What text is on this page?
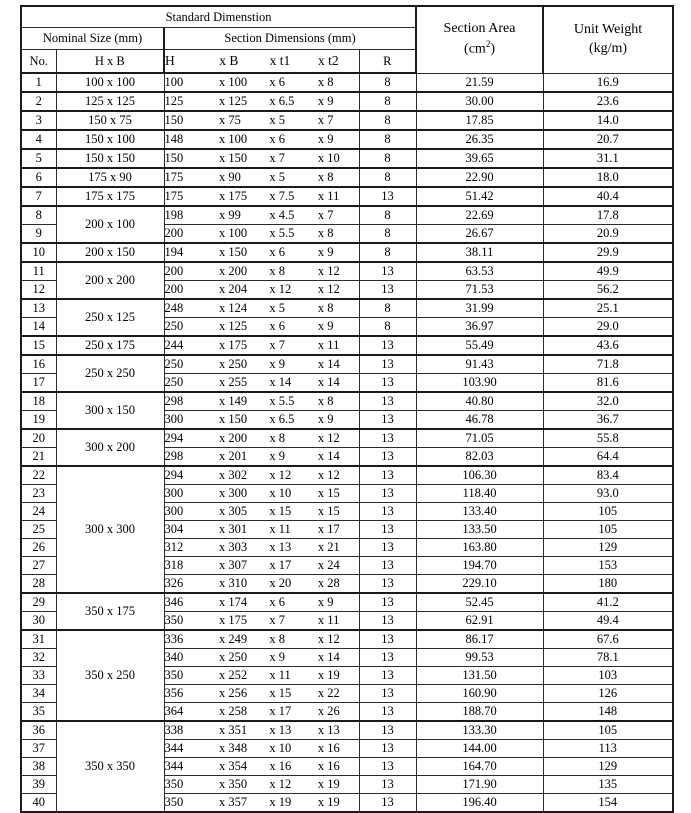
Standard Dimenstion	
Section Area
$(cm^2)$

Unit Weight
(kg/m)

Nominal Size (mm)		Section Dimensions (mm)			
No.	H x B	H x B x t1 x t2	R		
1	100 x 100	100 x 100 x 6 x 8	8	21.59	16.9
2	125 x 125	125 x 125 x 6.5 x 9	8	30.00	23.6
3	150 x 75	150 x 75 x 5 x 7	8	17.85	14.0
4	150 x 100	148 x 100 x 6 x 9	8	26.35	20.7
5	150 x 150	150 x 150 x 7 x 10	8	39.65	31.1
6	175 x 90	175 x 90 x 5 x 8	8	22.90	18.0
7	175 x 175	175 x 175 x 7.5 x 11	13	51.42	40.4
8	200 x 100	198 x 99 x 4.5 x 7	8	22.69	17.8
9		200 x 100 x 5.5 x 8	8	26.67	20.9
10	200 x 150	194 x 150 x 6 x 9	8	38.11	29.9
11	200 x 200	200 x 200 x 8 x 12	13	63.53	49.9
12		200 x 204 x 12 x 12	13	71.53	56.2
13	250 x 125	248 x 124 x 5 x 8	8	31.99	25.1
14		250 x 125 x 6 x 9	8	36.97	29.0
15	250 x 175	244 x 175 x 7 x 11	13	55.49	43.6
16	250 x 250	250 x 250 x 9 x 14	13	91.43	71.8
17		250 x 255 x 14 x 14	13	103.90	81.6
18	300 x 150	298 x 149 x 5.5 x 8	13	40.80	32.0
19		300 x 150 x 6.5 x 9	13	46.78	36.7
20	300 x 200	294 x 200 x 8 x 12	13	71.05	55.8
21		298 x 201 x 9 x 14	13	82.03	64.4
22	300 x 300	294 x 302 x 12 x 12	13	106.30	83.4
23		300 x 300 x 10 x 15	13	118.40	93.0
24		300 x 305 x 15 x 15	13	133.40	105
25		304 x 301 x 11 x 17	13	133.50	105
26		312 x 303 x 13 x 21	13	163.80	129
27		318 x 307 x 17 x 24	13	194.70	153
28		326 x 310 x 20 x 28	13	229.10	180
29	350 x 175	346 x 174 x 6 x 9	13	52.45	41.2
30		350 x 175 x 7 x 11	13	62.91	49.4
31	350 x 250	336 x 249 x 8 x 12	13	86.17	67.6
32		340 x 250 x 9 x 14	13	99.53	78.1
33		350 x 252 x 11 x 19	13	131.50	103
34		356 x 256 x 15 x 22	13	160.90	126
35		364 x 258 x 17 x 26	13	188.70	148
36	350 x 350	338 x 351 x 13 x 13	13	133.30	105
37		344 x 348 x 10 x 16	13	144.00	113
38		344 x 354 x 16 x 16	13	164.70	129
39		350 x 350 x 12 x 19	13	171.90	135
40		350 x 357 x 19 x 19	13	196.40	154
